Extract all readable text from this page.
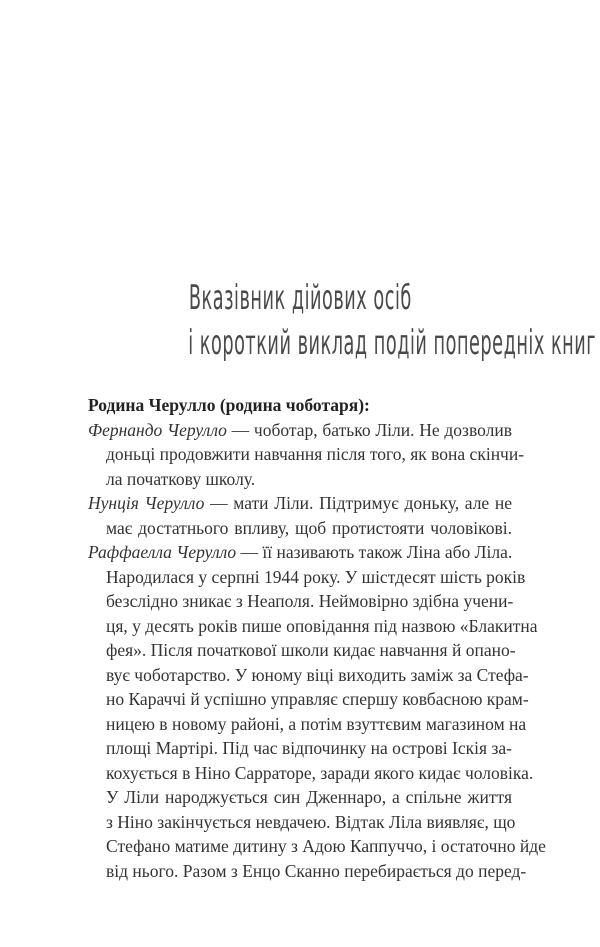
Вказівник дійових осіб
і короткий виклад подій попередніх книг
Родина Черулло (родина чоботаря):
Фернандо Черулло — чоботар, батько Ліли. Не дозволив
доньці продовжити навчання після того, як вона скінчи-
ла початкову школу.
Нунція Черулло — мати Ліли. Підтримує доньку, але не
має достатнього впливу, щоб протистояти чоловікові.
Раффаелла Черулло — її називають також Ліна або Ліла.
Народилася у серпні 1944 року. У шістдесят шість років
безслідно зникає з Неаполя. Неймовірно здібна учени-
ця, у десять років пише оповідання під назвою «Блакитна
фея». Після початкової школи кидає навчання й опано-
вує чоботарство. У юному віці виходить заміж за Стефа-
но Караччі й успішно управляє спершу ковбасною крам-
ницею в новому районі, а потім взуттєвим магазином на
площі Мартірі. Під час відпочинку на острові Іскія за-
кохується в Ніно Сарраторе, заради якого кидає чоловіка.
У Ліли народжується син Дженнаро, а спільне життя
з Ніно закінчується невдачею. Відтак Ліла виявляє, що
Стефано матиме дитину з Адою Каппуччо, і остаточно йде
від нього. Разом з Енцо Сканно перебирається до перед-
